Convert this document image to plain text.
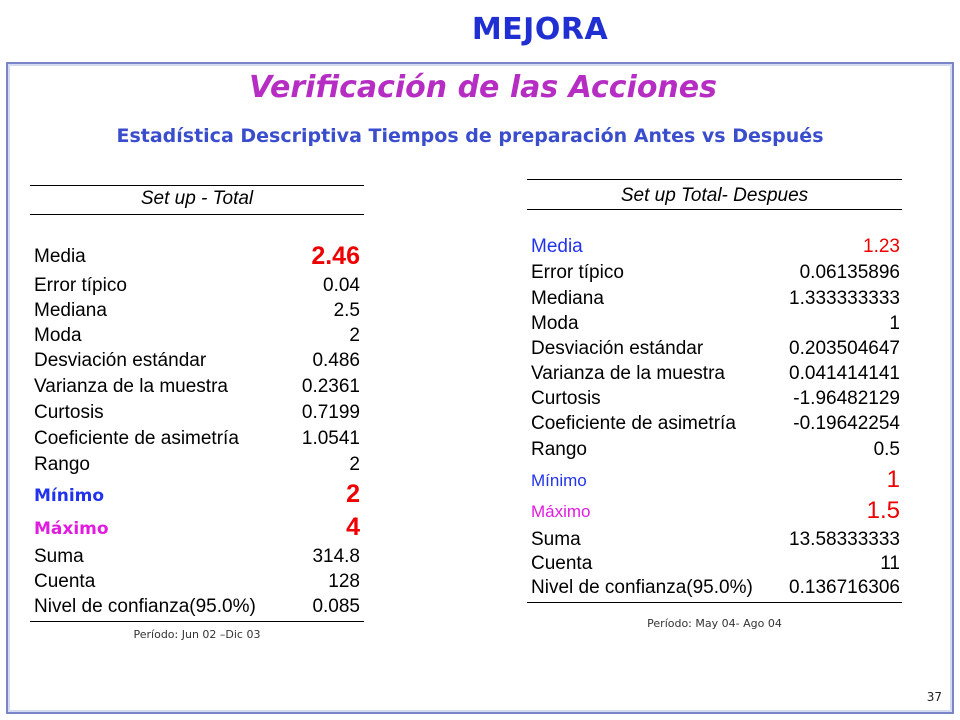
MEJORA
Verificación de las Acciones
Estadística Descriptiva Tiempos de preparación Antes vs Después
Set up - Total
Media	2.46
Error típico	0.04
Mediana	2.5
Moda	2
Desviación estándar	0.486
Varianza de la muestra	0.2361
Curtosis	0.7199
Coeficiente de asimetría	1.0541
Rango	2
Mínimo	2
Máximo	4
Suma	314.8
Cuenta	128
Nivel de confianza(95.0%)	0.085
Período: Jun 02 –Dic 03
Set up Total- Despues
Media	1.23
Error típico	0.06135896
Mediana	1.333333333
Moda	1
Desviación estándar	0.203504647
Varianza de la muestra	0.041414141
Curtosis	-1.96482129
Coeficiente de asimetría	-0.19642254
Rango	0.5
Mínimo	1
Máximo	1.5
Suma	13.58333333
Cuenta	11
Nivel de confianza(95.0%) 0.136716306
Período: May 04- Ago 04
37
